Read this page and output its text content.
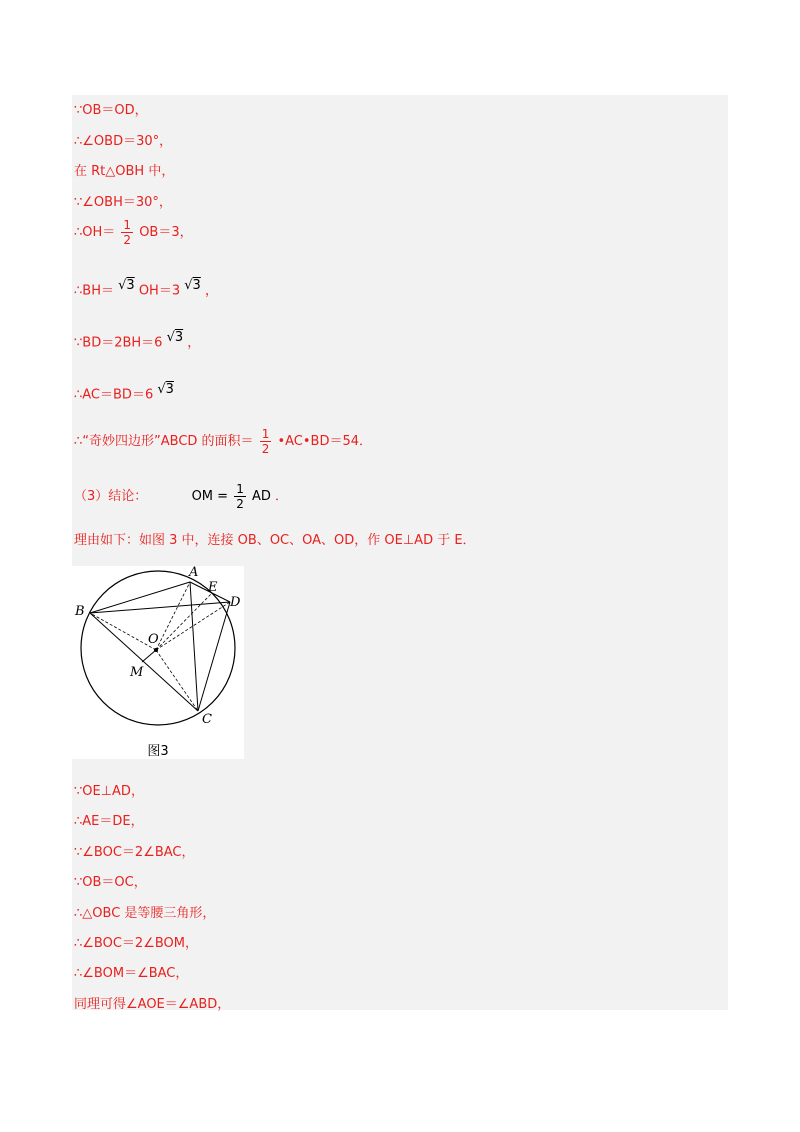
∵OB＝OD，
∴∠OBD＝30°，
在 Rt△OBH 中，
∵∠OBH＝30°，
∴OH＝ $\frac{1}{2} OB=3$，
∴BH＝ √3 OH＝3 √3 ，
∵BD＝2BH＝6 √3 ，
∴AC＝BD＝6 √3
∴“奇妙四边形”ABCD 的面积＝ $\frac{1}{2}$ •AC•BD＝54．
（3）结论：	OM = $\frac{1}{2}$ AD ．
理由如下：如图 3 中，连接 OB、OC、OA、OD，作 OE⊥AD 于 E．
A
B
C
D
E
O
M
图3
∵OE⊥AD，
∴AE＝DE，
∵∠BOC＝2∠BAC，
∵OB＝OC，
∴△OBC 是等腰三角形，
∴∠BOC＝2∠BOM，
∴∠BOM＝∠BAC，
同理可得∠AOE＝∠ABD，
